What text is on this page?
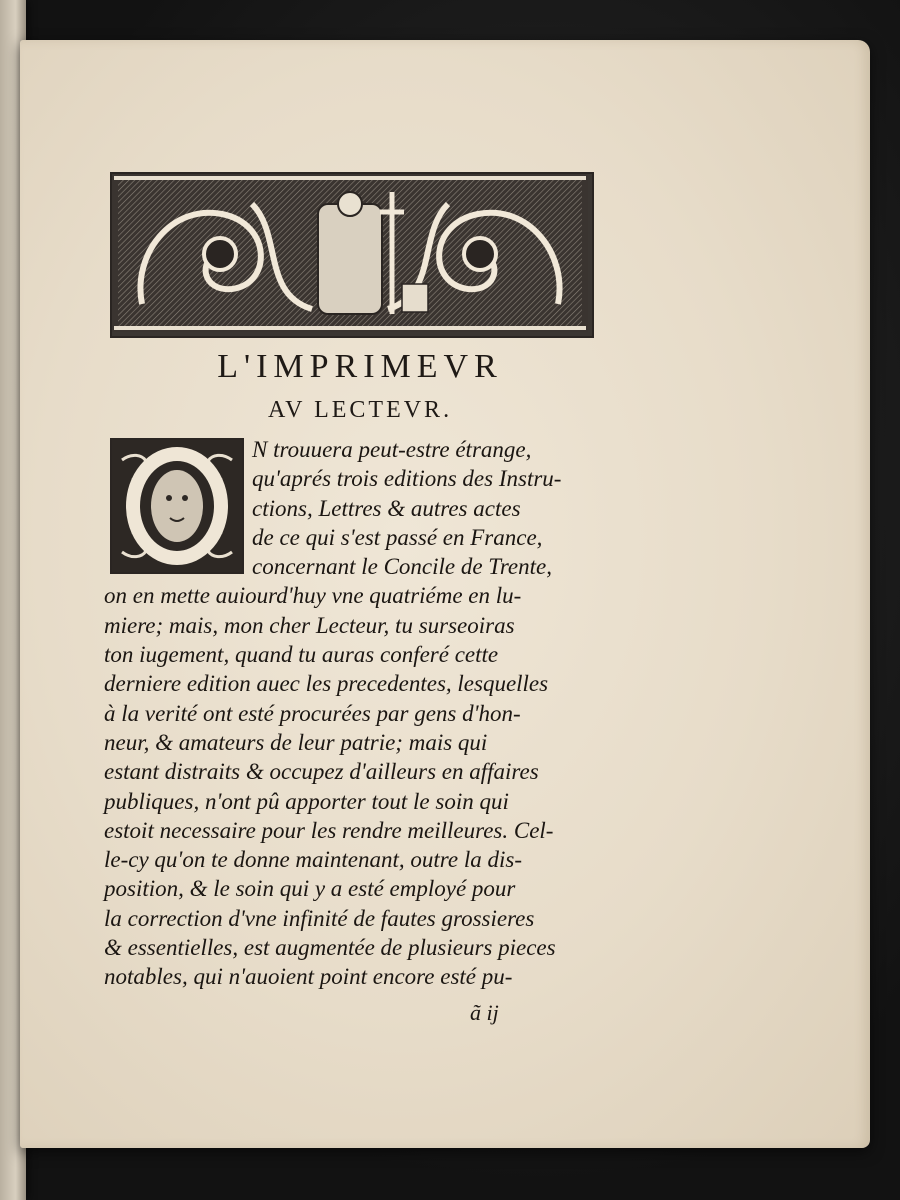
L'IMPRIMEVR
AV LECTEVR.
N trouuera peut-estre étrange,
qu'aprés trois editions des Instru-
ctions, Lettres & autres actes
de ce qui s'est passé en France,
concernant le Concile de Trente,
on en mette auiourd'huy vne quatriéme en lu-
miere; mais, mon cher Lecteur, tu surseoiras
ton iugement, quand tu auras conferé cette
derniere edition auec les precedentes, lesquelles
à la verité ont esté procurées par gens d'hon-
neur, & amateurs de leur patrie; mais qui
estant distraits & occupez d'ailleurs en affaires
publiques, n'ont pû apporter tout le soin qui
estoit necessaire pour les rendre meilleures. Cel-
le-cy qu'on te donne maintenant, outre la dis-
position, & le soin qui y a esté employé pour
la correction d'vne infinité de fautes grossieres
& essentielles, est augmentée de plusieurs pieces
notables, qui n'auoient point encore esté pu-
ã ij
